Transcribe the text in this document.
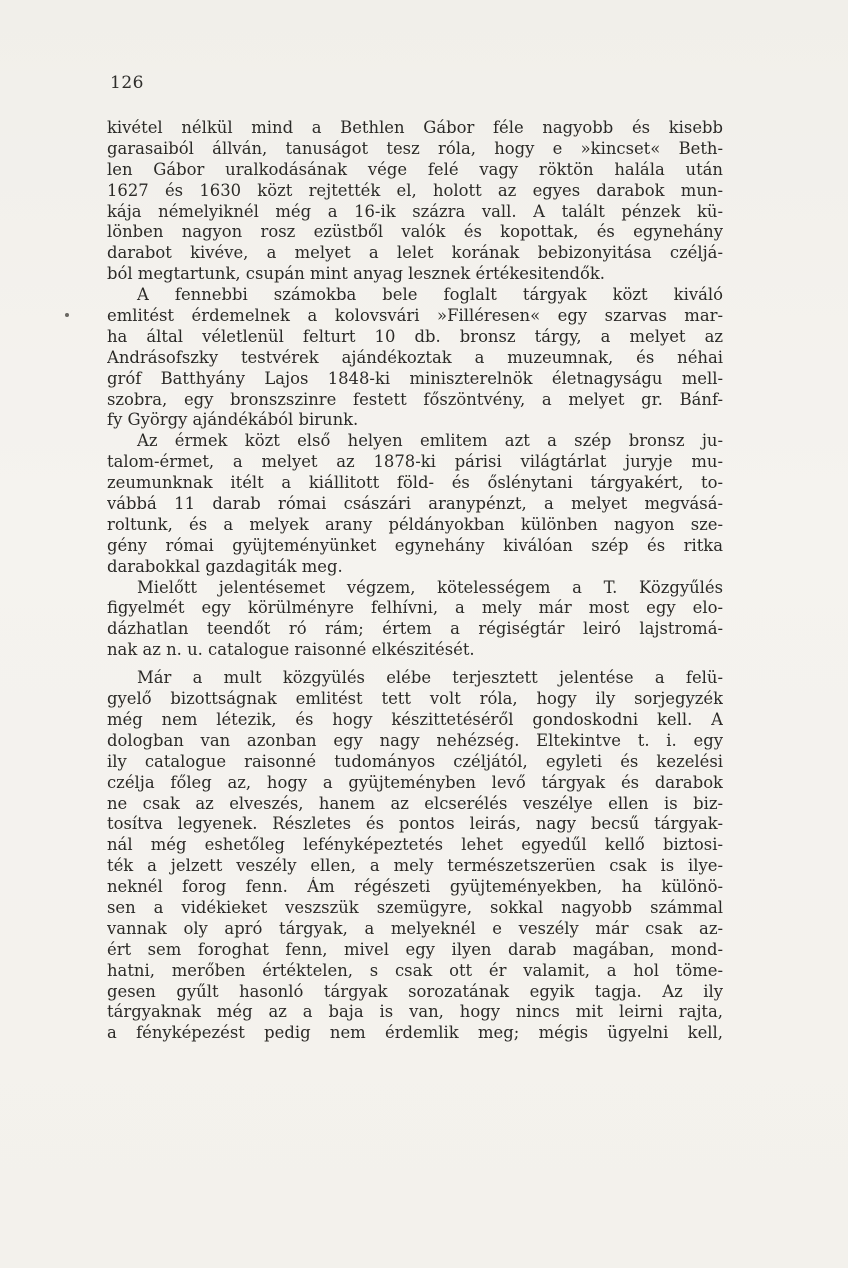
126
kivétel nélkül mind a Bethlen Gábor féle nagyobb és kisebb
garasaiból állván, tanuságot tesz róla, hogy e »kincset« Beth-
len Gábor uralkodásának vége felé vagy röktön halála után
1627 és 1630 közt rejtették el, holott az egyes darabok mun-
kája némelyiknél még a 16-ik százra vall. A talált pénzek kü-
lönben nagyon rosz ezüstből valók és kopottak, és egynehány
darabot kivéve, a melyet a lelet korának bebizonyitása czéljá-
ból megtartunk, csupán mint anyag lesznek értékesitendők.
A fennebbi számokba bele foglalt tárgyak közt kiváló
emlitést érdemelnek a kolovsvári »Filléresen« egy szarvas mar-
ha által véletlenül felturt 10 db. bronsz tárgy, a melyet az
Andrásofszky testvérek ajándékoztak a muzeumnak, és néhai
gróf Batthyány Lajos 1848-ki miniszterelnök életnagyságu mell-
szobra, egy bronszszinre festett főszöntvény, a melyet gr. Bánf-
fy György ajándékából birunk.
Az érmek közt első helyen emlitem azt a szép bronsz ju-
talom-érmet, a melyet az 1878-ki párisi világtárlat juryje mu-
zeumunknak itélt a kiállitott föld- és őslénytani tárgyakért, to-
vábbá 11 darab római császári aranypénzt, a melyet megvásá-
roltunk, és a melyek arany példányokban különben nagyon sze-
gény római gyüjteményünket egynehány kiválóan szép és ritka
darabokkal gazdagiták meg.
Mielőtt jelentésemet végzem, kötelességem a T. Közgyűlés
figyelmét egy körülményre felhívni, a mely már most egy elo-
dázhatlan teendőt ró rám; értem a régiségtár leiró lajstromá-
nak az n. u. catalogue raisonné elkészitését.
Már a mult közgyülés elébe terjesztett jelentése a felü-
gyelő bizottságnak emlitést tett volt róla, hogy ily sorjegyzék
még nem létezik, és hogy készittetéséről gondoskodni kell. A
dologban van azonban egy nagy nehézség. Eltekintve t. i. egy
ily catalogue raisonné tudományos czéljától, egyleti és kezelési
czélja főleg az, hogy a gyüjteményben levő tárgyak és darabok
ne csak az elveszés, hanem az elcserélés veszélye ellen is biz-
tosítva legyenek. Részletes és pontos leirás, nagy becsű tárgyak-
nál még eshetőleg lefényképeztetés lehet egyedűl kellő biztosi-
ték a jelzett veszély ellen, a mely természetszerüen csak is ilye-
neknél forog fenn. Ám régészeti gyüjteményekben, ha különö-
sen a vidékieket veszszük szemügyre, sokkal nagyobb számmal
vannak oly apró tárgyak, a melyeknél e veszély már csak az-
ért sem foroghat fenn, mivel egy ilyen darab magában, mond-
hatni, merőben értéktelen, s csak ott ér valamit, a hol töme-
gesen gyűlt hasonló tárgyak sorozatának egyik tagja. Az ily
tárgyaknak még az a baja is van, hogy nincs mit leirni rajta,
a fényképezést pedig nem érdemlik meg; mégis ügyelni kell,
